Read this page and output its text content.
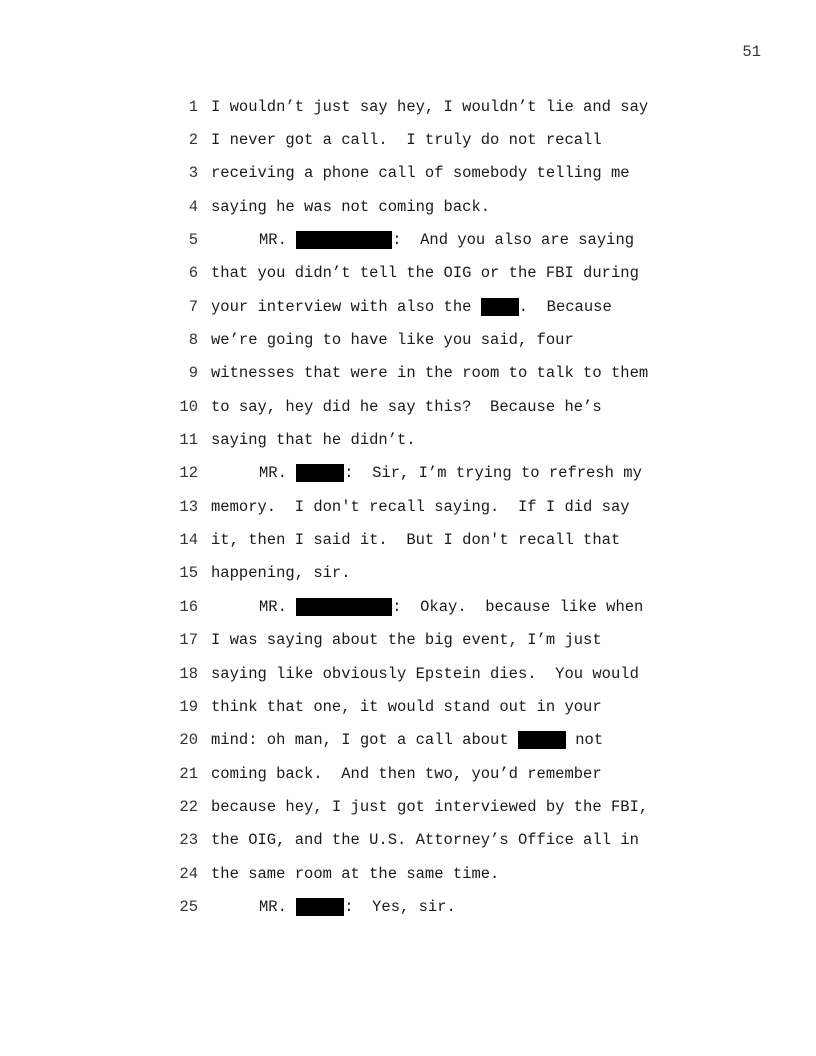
51
1 I wouldn’t just say hey, I wouldn’t lie and say
2 I never got a call.  I truly do not recall
3 receiving a phone call of somebody telling me
4 saying he was not coming back.
5	MR.
	:  And you also are saying
6 that you didn’t tell the OIG or the FBI during
7 your interview with also the .  Because
8 we’re going to have like you said, four
9 witnesses that were in the room to talk to them
10 to say, hey did he say this?  Because he’s
11 saying that he didn’t.
12	MR.
	:  Sir, I’m trying to refresh my
13 memory.  I don't recall saying.  If I did say
14 it, then I said it.  But I don't recall that
15 happening, sir.
16	MR.
	:  Okay.  because like when
17 I was saying about the big event, I’m just
18 saying like obviously Epstein dies.  You would
19 think that one, it would stand out in your
20 mind: oh man, I got a call about	not
21 coming back.  And then two, you’d remember
22 because hey, I just got interviewed by the FBI,
23 the OIG, and the U.S. Attorney’s Office all in
24 the same room at the same time.
25	MR.
	:  Yes, sir.
